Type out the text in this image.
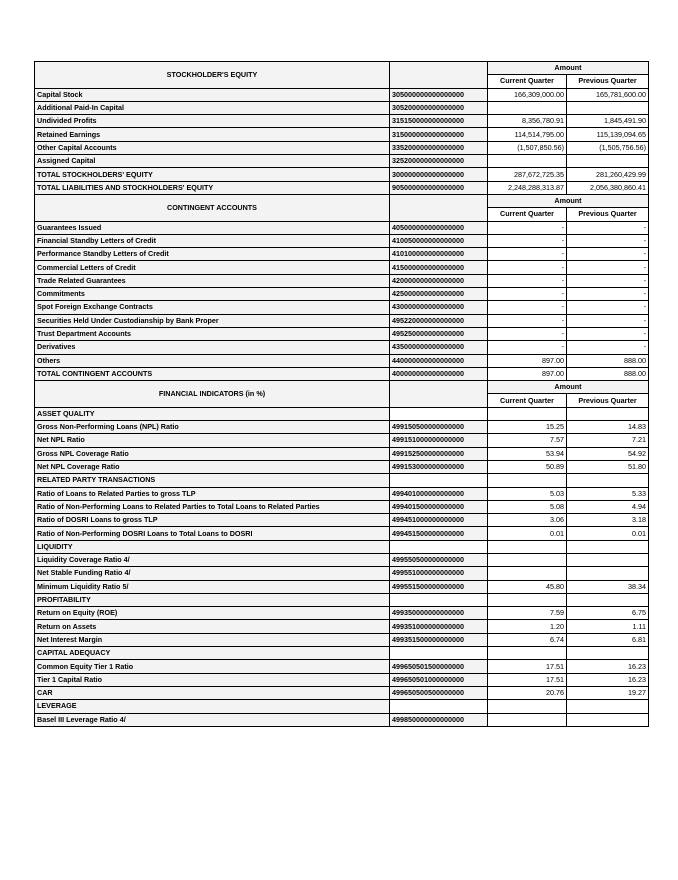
STOCKHOLDER'S EQUITY		Amount	
		Current Quarter	Previous Quarter
Capital Stock	305000000000000000	166,309,000.00	165,781,600.00
Additional Paid-In Capital	305200000000000000		
Undivided Profits	315150000000000000	8,356,780.91	1,845,491.90
Retained Earnings	315000000000000000	114,514,795.00	115,139,094.65
Other Capital Accounts	335200000000000000	(1,507,850.56)	(1,505,756.56)
Assigned Capital	325200000000000000		
TOTAL STOCKHOLDERS' EQUITY	300000000000000000	287,672,725.35	281,260,429.99
TOTAL LIABILITIES AND STOCKHOLDERS' EQUITY	905000000000000000	2,248,288,313.87	2,056,380,860.41
CONTINGENT ACCOUNTS		Amount	
		Current Quarter	Previous Quarter
Guarantees Issued	405000000000000000	-	-
Financial Standby Letters of Credit	410050000000000000	-	-
Performance Standby Letters of Credit	410100000000000000	-	-
Commercial Letters of Credit	415000000000000000	-	-
Trade Related Guarantees	420000000000000000	-	-
Commitments	425000000000000000	-	-
Spot Foreign Exchange Contracts	430000000000000000	-	-
Securities Held Under Custodianship by Bank Proper	495220000000000000	-	-
Trust Department Accounts	495250000000000000	-	-
Derivatives	435000000000000000	-	-
Others	440000000000000000	897.00	888.00
TOTAL CONTINGENT ACCOUNTS	400000000000000000	897.00	888.00
FINANCIAL INDICATORS (in %)		Amount	
		Current Quarter	Previous Quarter
ASSET QUALITY			
Gross Non-Performing Loans (NPL) Ratio	499150500000000000	15.25	14.83
Net NPL Ratio	499151000000000000	7.57	7.21
Gross NPL Coverage Ratio	499152500000000000	53.94	54.92
Net NPL Coverage Ratio	499153000000000000	50.89	51.80
RELATED PARTY TRANSACTIONS			
Ratio of Loans to Related Parties to gross TLP	499401000000000000	5.03	5.33
Ratio of Non-Performing Loans to Related Parties to Total Loans to Related Parties	499401500000000000	5.08	4.94
Ratio of DOSRI Loans to gross TLP	499451000000000000	3.06	3.18
Ratio of Non-Performing DOSRI Loans to Total Loans to DOSRI	499451500000000000	0.01	0.01
LIQUIDITY			
Liquidity Coverage Ratio 4/	499550500000000000		
Net Stable Funding Ratio 4/	499551000000000000		
Minimum Liquidity Ratio 5/	499551500000000000	45.80	38.34
PROFITABILITY			
Return on Equity (ROE)	499350000000000000	7.59	6.75
Return on Assets	499351000000000000	1.20	1.11
Net Interest Margin	499351500000000000	6.74	6.81
CAPITAL ADEQUACY			
Common Equity Tier 1 Ratio	499650501500000000	17.51	16.23
Tier 1 Capital Ratio	499650501000000000	17.51	16.23
CAR	499650500500000000	20.76	19.27
LEVERAGE			
Basel III Leverage Ratio 4/	499850000000000000		
